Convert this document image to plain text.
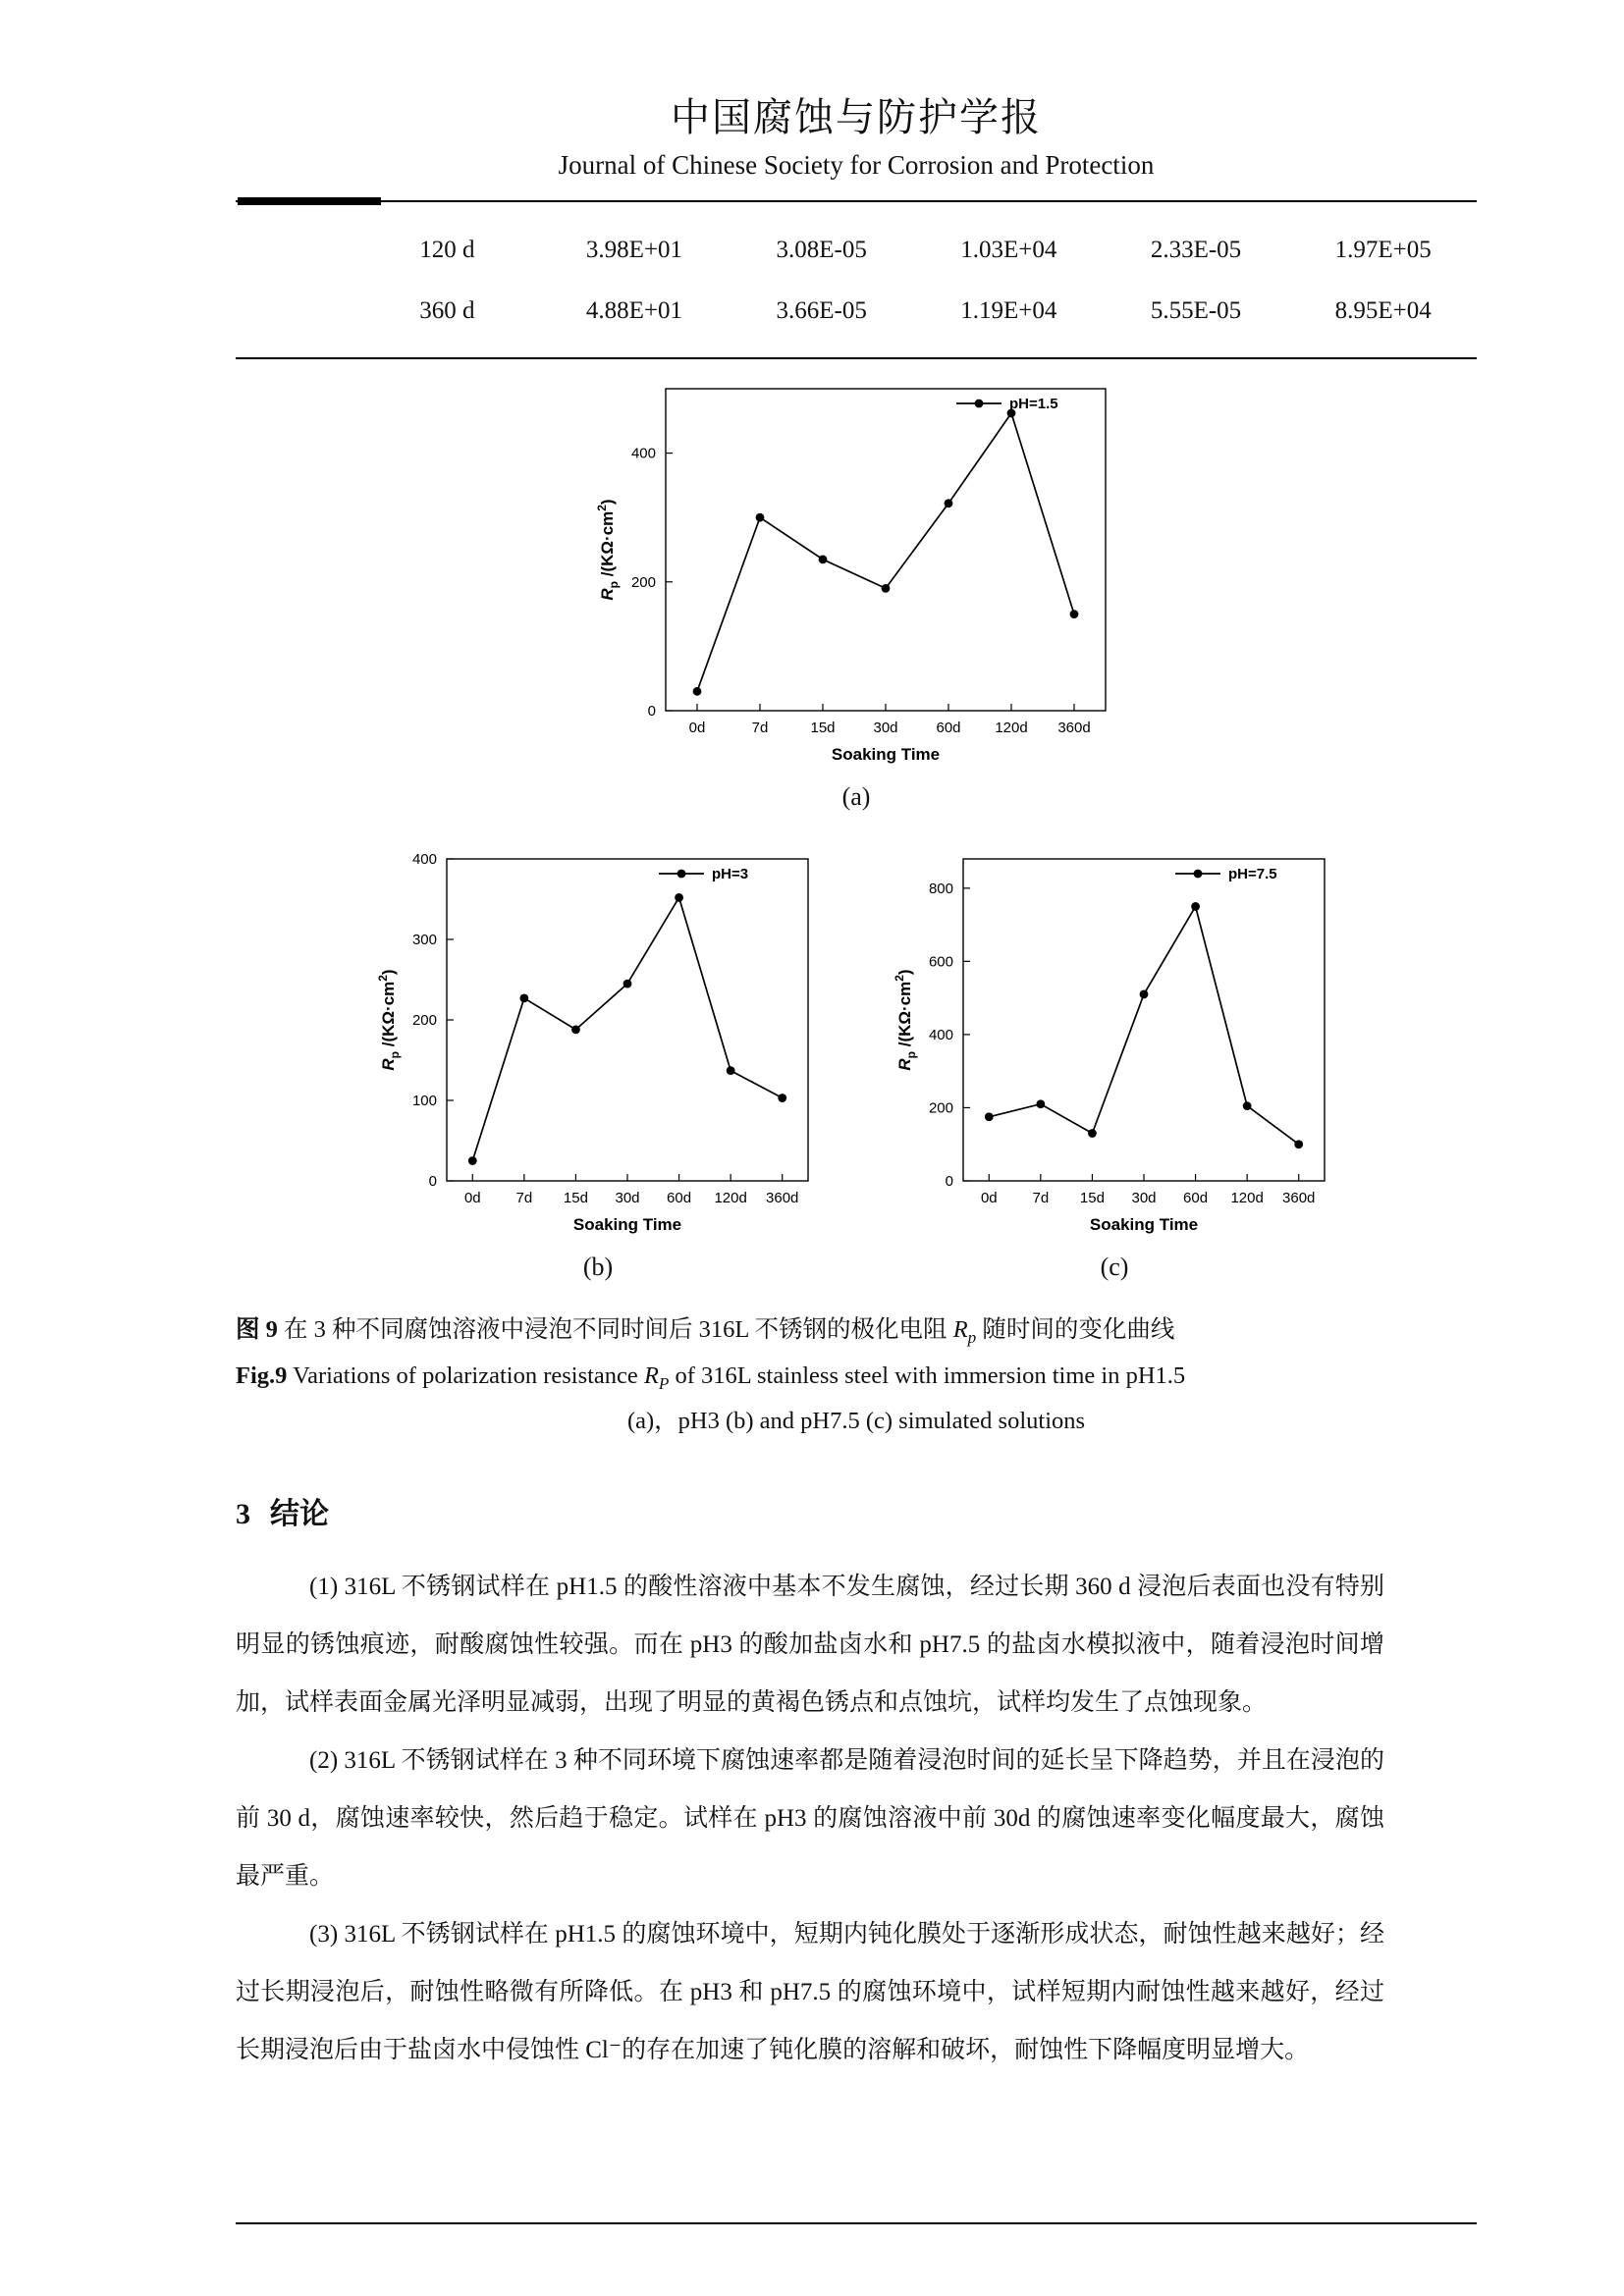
中国腐蚀与防护学报
Journal of Chinese Society for Corrosion and Protection
120 d	3.98E+01	3.08E-05	1.03E+04	2.33E-05	1.97E+05
360 d	4.88E+01	3.66E-05	1.19E+04	5.55E-05	8.95E+04
0
200
400
0d	7d	15d	30d	60d 120d 360d
pH=1.5
Soaking Time
$R_p$ $/(K\Omega\cdot cm^2)$
(a)
0
100
200
300
400
0d 7d 15d 30d 60d 120d 360d
pH=3
Soaking Time
$R_p$ $/(K\Omega\cdot cm^2)$
(b)
0
200
400
600
800
0d 7d 15d 30d 60d 120d 360d
pH=7.5
Soaking Time
$R_p$ $/(K\Omega\cdot cm^2)$
(c)
图 9 在 3 种不同腐蚀溶液中浸泡不同时间后 316L 不锈钢的极化电阻 $R_p$ 随时间的变化曲线
Fig.9 Variations of polarization resistance $R_P$ of 316L stainless steel with immersion time in pH1.5
(a)，pH3 (b) and pH7.5 (c) simulated solutions
3 结论

(1) 316L 不锈钢试样在 pH1.5 的酸性溶液中基本不发生腐蚀，经过长期 360 d 浸泡后表面也没有特别明显的锈蚀痕迹，耐酸腐蚀性较强。而在 pH3 的酸加盐卤水和 pH7.5 的盐卤水模拟液中，随着浸泡时间增加，试样表面金属光泽明显减弱，出现了明显的黄褐色锈点和点蚀坑，试样均发生了点蚀现象。

(2) 316L 不锈钢试样在 3 种不同环境下腐蚀速率都是随着浸泡时间的延长呈下降趋势，并且在浸泡的前 30 d，腐蚀速率较快，然后趋于稳定。试样在 pH3 的腐蚀溶液中前 30d 的腐蚀速率变化幅度最大，腐蚀最严重。

(3) 316L 不锈钢试样在 pH1.5 的腐蚀环境中，短期内钝化膜处于逐渐形成状态，耐蚀性越来越好；经过长期浸泡后，耐蚀性略微有所降低。在 pH3 和 pH7.5 的腐蚀环境中，试样短期内耐蚀性越来越好，经过长期浸泡后由于盐卤水中侵蚀性 Cl⁻的存在加速了钝化膜的溶解和破坏，耐蚀性下降幅度明显增大。
